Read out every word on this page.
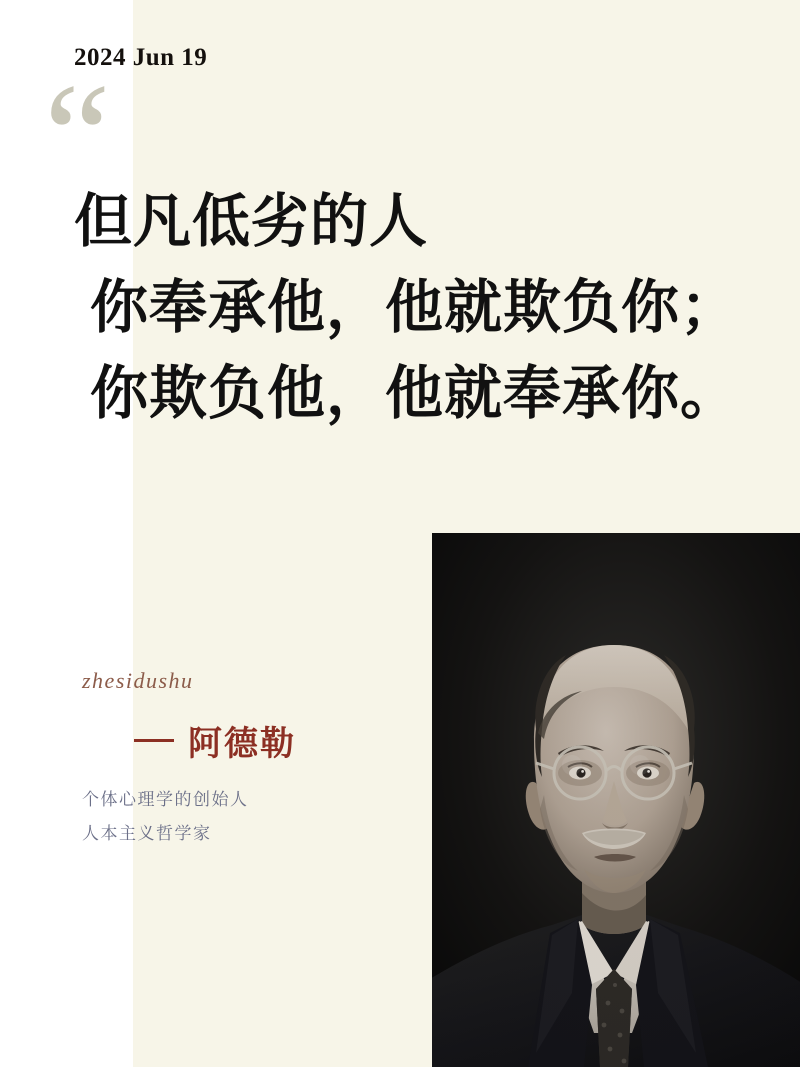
2024 Jun 19
“
但凡低劣的人
你奉承他，他就欺负你；
你欺负他，他就奉承你。
zhesidushu
阿德勒
个体心理学的创始人
人本主义哲学家
